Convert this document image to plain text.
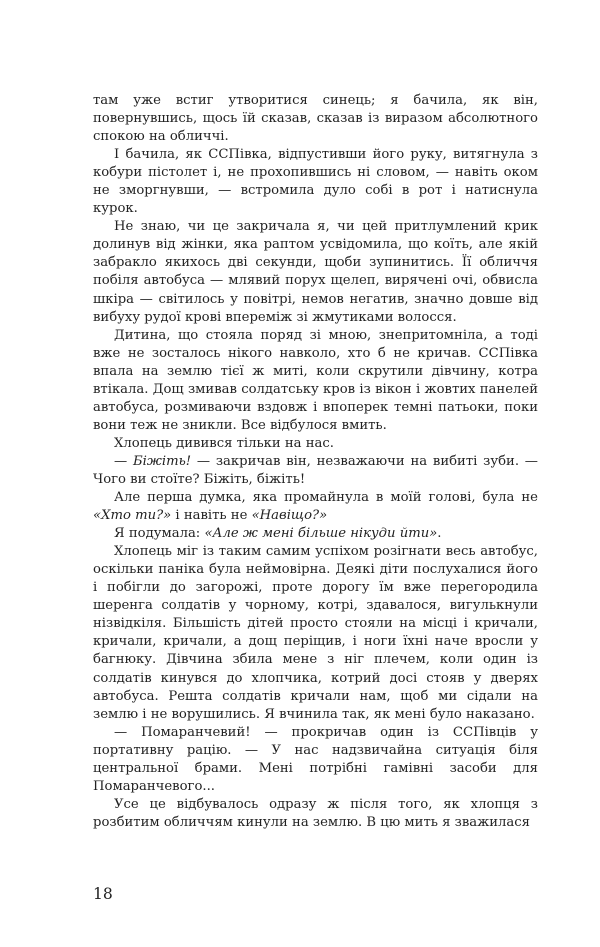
там уже встиг утворитися синець; я бачила, як він, повернувшись, щось їй сказав, сказав із виразом абсолютного спокою на обличчі.

І бачила, як ССПівка, відпустивши його руку, витягнула з кобури пістолет і, не прохопившись ні словом, — навіть оком не зморгнувши, — встромила дуло собі в рот і натиснула курок.

Не знаю, чи це закричала я, чи цей притлумлений крик долинув від жінки, яка раптом усвідомила, що коїть, але якій забракло якихось дві секунди, щоби зупинитись. Її обличчя побіля автобуса — млявий порух щелеп, вирячені очі, обвисла шкіра — світилось у повітрі, немов негатив, значно довше від вибуху рудої крові впереміж зі жмутиками волосся.

Дитина, що стояла поряд зі мною, знепритомніла, а тоді вже не зосталось нікого навколо, хто б не кричав. ССПівка впала на землю тієї ж миті, коли скрутили дівчину, котра втікала. Дощ змивав солдатську кров із вікон і жовтих панелей автобуса, розмиваючи вздовж і впоперек темні патьоки, поки вони теж не зникли. Все відбулося вмить.

Хлопець дивився тільки на нас.

— Біжіть! — закричав він, незважаючи на вибиті зуби. — Чого ви стоїте? Біжіть, біжіть!

Але перша думка, яка промайнула в моїй голові, була не «Хто ти?» і навіть не «Навіщо?»

Я подумала: «Але ж мені більше нікуди йти».

Хлопець міг із таким самим успіхом розігнати весь автобус, оскільки паніка була неймовірна. Деякі діти послухалися його і побігли до загорожі, проте дорогу їм вже перегородила шеренга солдатів у чорному, котрі, здавалося, вигулькнули нізвідкіля. Більшість дітей просто стояли на місці і кричали, кричали, кричали, а дощ періщив, і ноги їхні наче вросли у багнюку. Дівчина збила мене з ніг плечем, коли один із солдатів кинувся до хлопчика, котрий досі стояв у дверях автобуса. Решта солдатів кричали нам, щоб ми сідали на землю і не ворушились. Я вчинила так, як мені було наказано.

— Помаранчевий! — прокричав один із ССПівців у портативну рацію. — У нас надзвичайна ситуація біля центральної брами. Мені потрібні гамівні засоби для Помаранчевого...

Усе це відбувалось одразу ж після того, як хлопця з розбитим обличчям кинули на землю. В цю мить я зважилася

18
